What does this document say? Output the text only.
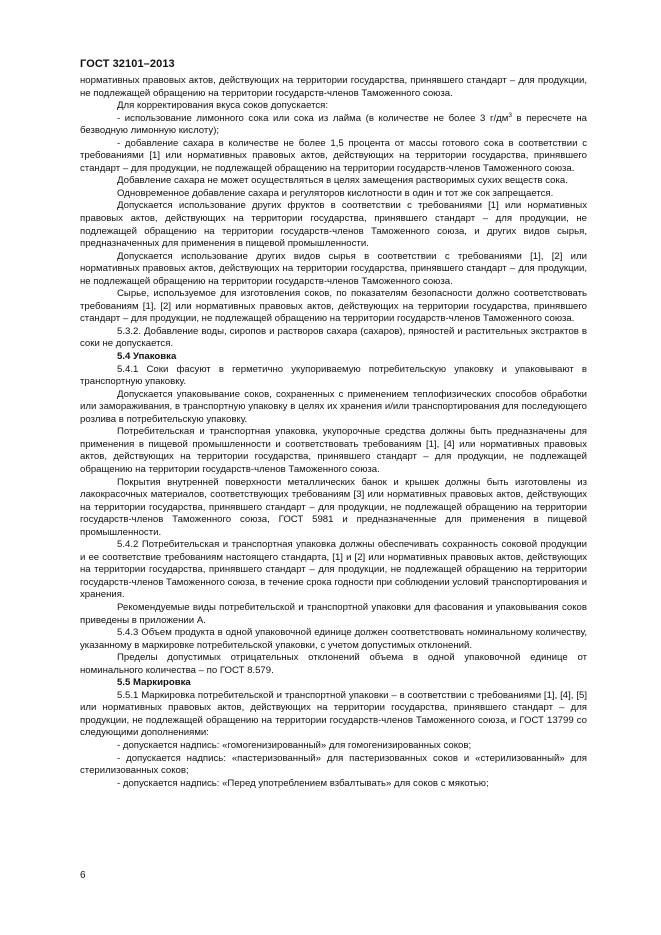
ГОСТ 32101–2013

нормативных правовых актов, действующих на территории государства, принявшего стандарт – для продукции, не подлежащей обращению на территории государств-членов Таможенного союза.

Для корректирования вкуса соков допускается:

- использование лимонного сока или сока из лайма (в количестве не более 3 $г/дм^3$ в пересчете на безводную лимонную кислоту);

- добавление сахара в количестве не более 1,5 процента от массы готового сока в соответствии с требованиями [1] или нормативных правовых актов, действующих на территории государства, принявшего стандарт – для продукции, не подлежащей обращению на территории государств-членов Таможенного союза.

Добавление сахара не может осуществляться в целях замещения растворимых сухих веществ сока.

Одновременное добавление сахара и регуляторов кислотности в один и тот же сок запрещается.

Допускается использование других фруктов в соответствии с требованиями [1] или нормативных правовых актов, действующих на территории государства, принявшего стандарт – для продукции, не подлежащей обращению на территории государств-членов Таможенного союза, и других видов сырья, предназначенных для применения в пищевой промышленности.

Допускается использование других видов сырья в соответствии с требованиями [1], [2] или нормативных правовых актов, действующих на территории государства, принявшего стандарт – для продукции, не подлежащей обращению на территории государств-членов Таможенного союза.

Сырье, используемое для изготовления соков, по показателям безопасности должно соответствовать требованиям [1], [2] или нормативных правовых актов, действующих на территории государства, принявшего стандарт – для продукции, не подлежащей обращению на территории государств-членов Таможенного союза.

5.3.2. Добавление воды, сиропов и растворов сахара (сахаров), пряностей и растительных экстрактов в соки не допускается.

5.4 Упаковка

5.4.1 Соки фасуют в герметично укупориваемую потребительскую упаковку и упаковывают в транспортную упаковку.

Допускается упаковывание соков, сохраненных с применением теплофизических способов обработки или замораживания, в транспортную упаковку в целях их хранения и/или транспортирования для последующего розлива в потребительскую упаковку.

Потребительская и транспортная упаковка, укупорочные средства должны быть предназначены для применения в пищевой промышленности и соответствовать требованиям [1], [4] или нормативных правовых актов, действующих на территории государства, принявшего стандарт – для продукции, не подлежащей обращению на территории государств-членов Таможенного союза.

Покрытия внутренней поверхности металлических банок и крышек должны быть изготовлены из лакокрасочных материалов, соответствующих требованиям [3] или нормативных правовых актов, действующих на территории государства, принявшего стандарт – для продукции, не подлежащей обращению на территории государств-членов Таможенного союза, ГОСТ 5981 и предназначенные для применения в пищевой промышленности.

5.4.2 Потребительская и транспортная упаковка должны обеспечивать сохранность соковой продукции и ее соответствие требованиям настоящего стандарта, [1] и [2] или нормативных правовых актов, действующих на территории государства, принявшего стандарт – для продукции, не подлежащей обращению на территории государств-членов Таможенного союза, в течение срока годности при соблюдении условий транспортирования и хранения.

Рекомендуемые виды потребительской и транспортной упаковки для фасования и упаковывания соков приведены в приложении А.

5.4.3 Объем продукта в одной упаковочной единице должен соответствовать номинальному количеству, указанному в маркировке потребительской упаковки, с учетом допустимых отклонений.

Пределы допустимых отрицательных отклонений объема в одной упаковочной единице от номинального количества – по ГОСТ 8.579.

5.5 Маркировка

5.5.1 Маркировка потребительской и транспортной упаковки – в соответствии с требованиями [1], [4], [5] или нормативных правовых актов, действующих на территории государства, принявшего стандарт – для продукции, не подлежащей обращению на территории государств-членов Таможенного союза, и ГОСТ 13799 со следующими дополнениями:

- допускается надпись: «гомогенизированный» для гомогенизированных соков;

- допускается надпись: «пастеризованный» для пастеризованных соков и «стерилизованный» для стерилизованных соков;

- допускается надпись: «Перед употреблением взбалтывать» для соков с мякотью;

6
